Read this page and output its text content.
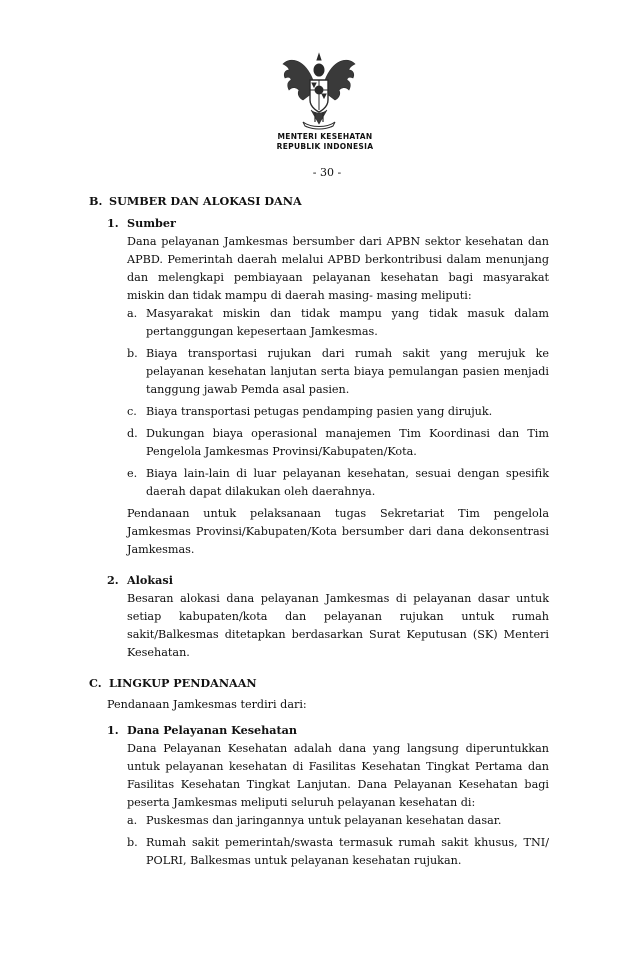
MENTERI KESEHATAN
REPUBLIK INDONESIA
- 30 -
B. SUMBER DAN ALOKASI DANA
1. Sumber
Dana pelayanan Jamkesmas bersumber dari APBN sektor kesehatan dan APBD. Pemerintah daerah melalui APBD berkontribusi dalam menunjang dan melengkapi pembiayaan pelayanan kesehatan bagi masyarakat miskin dan tidak mampu di daerah masing- masing meliputi:
a. Masyarakat miskin dan tidak mampu yang tidak masuk dalam pertanggungan kepesertaan Jamkesmas.
b. Biaya transportasi rujukan dari rumah sakit yang merujuk ke pelayanan kesehatan lanjutan serta biaya pemulangan pasien menjadi tanggung jawab Pemda asal pasien.
c. Biaya transportasi petugas pendamping pasien yang dirujuk.
d. Dukungan biaya operasional manajemen Tim Koordinasi dan Tim Pengelola Jamkesmas Provinsi/Kabupaten/Kota.
e. Biaya lain-lain di luar pelayanan kesehatan, sesuai dengan spesifik daerah dapat dilakukan oleh daerahnya.
Pendanaan untuk pelaksanaan tugas Sekretariat Tim pengelola Jamkesmas Provinsi/Kabupaten/Kota bersumber dari dana dekonsentrasi Jamkesmas.
2. Alokasi
Besaran alokasi dana pelayanan Jamkesmas di pelayanan dasar untuk setiap kabupaten/kota dan pelayanan rujukan untuk rumah sakit/Balkesmas ditetapkan berdasarkan Surat Keputusan (SK) Menteri Kesehatan.
C. LINGKUP PENDANAAN
Pendanaan Jamkesmas terdiri dari:
1. Dana Pelayanan Kesehatan
Dana Pelayanan Kesehatan adalah dana yang langsung diperuntukkan untuk pelayanan kesehatan di Fasilitas Kesehatan Tingkat Pertama dan Fasilitas Kesehatan Tingkat Lanjutan. Dana Pelayanan Kesehatan bagi peserta Jamkesmas meliputi seluruh pelayanan kesehatan di:
a. Puskesmas dan jaringannya untuk pelayanan kesehatan dasar.
b. Rumah sakit pemerintah/swasta termasuk rumah sakit khusus, TNI/ POLRI, Balkesmas untuk pelayanan kesehatan rujukan.
